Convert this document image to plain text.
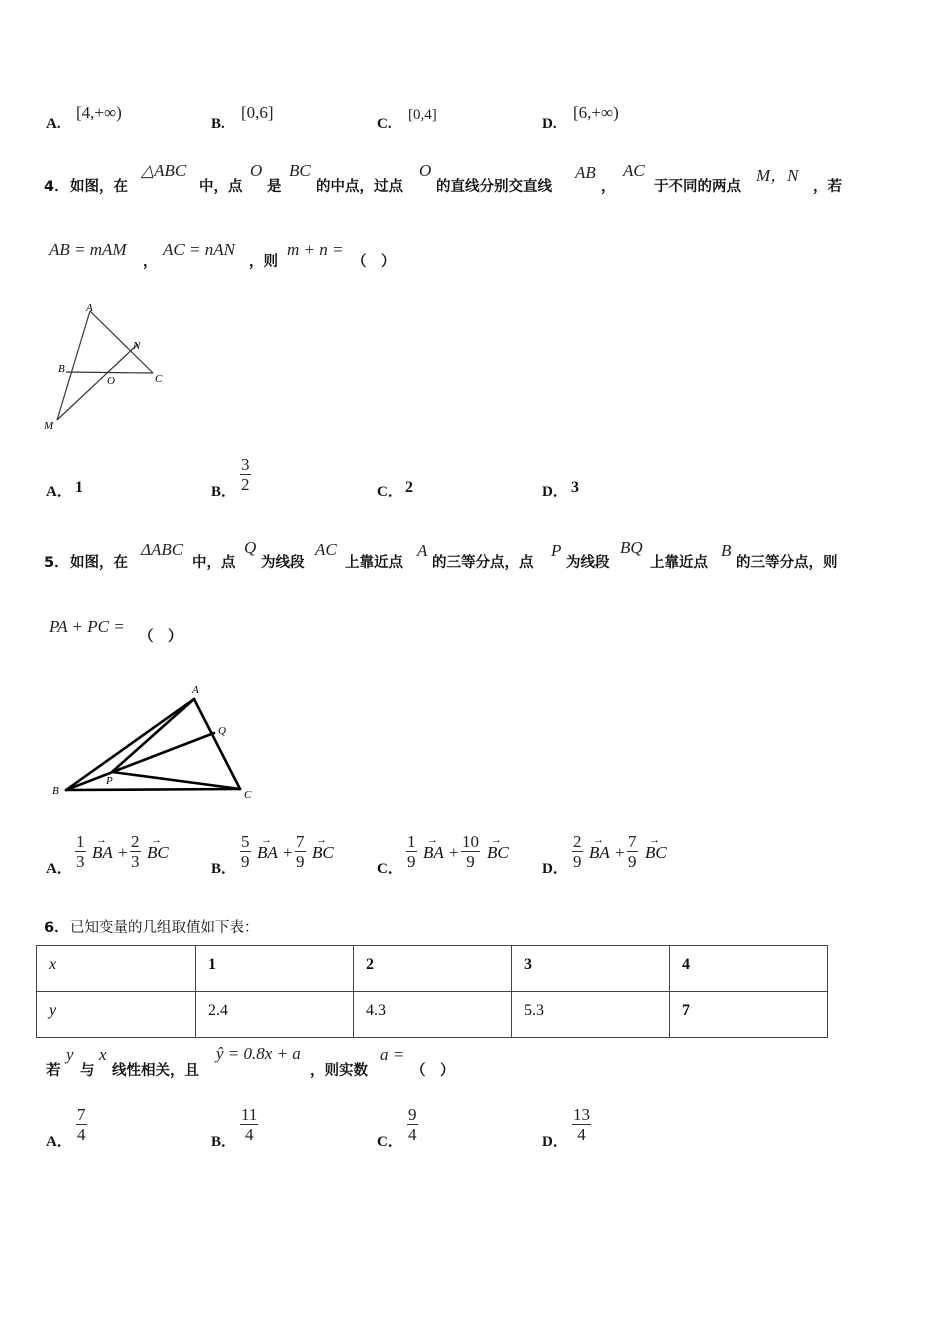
A.
[4,+∞)
B.
[0,6]
C.
[0,4]
D.
[6,+∞)
4． 如图，在
△ABC
中，点
O
是
BC
的中点，过点
O
的直线分别交直线
AB
，
AC
于不同的两点
M，N
，若
AB = mAM
，
AC = nAN
，则
m + n =
（　）
A
B
C
N
O
M
A． 1	B． $\frac{3}{2}$	C． 2	D． 3
5． 如图，在
ΔABC
中，点
Q
为线段
AC
上靠近点
A
的三等分点，点
P
为线段
BQ
上靠近点
B
的三等分点，则
PA + PC =
（　）
A
Q
P
B	C
A． $\frac{1}{3}$ →
BA + $\frac{2}{3}$ →
BC
B． $\frac{5}{9}$ →
BA + $\frac{7}{9}$ →
BC
C． $\frac{1}{9}$ →
BA + $\frac{10}{9}$ →
BC
D． $\frac{2}{9}$ →
BA + $\frac{7}{9}$ →
BC
6． 已知变量的几组取值如下表：
x	1	2	3	4
y	2.4	4.3	5.3	7
若
y
与
x
线性相关，且
ŷ = 0.8x + a
，则实数
a =
（　）
A． $\frac{7}{4}$	B． $\frac{11}{4}$	C． $\frac{9}{4}$	D． $\frac{13}{4}$
